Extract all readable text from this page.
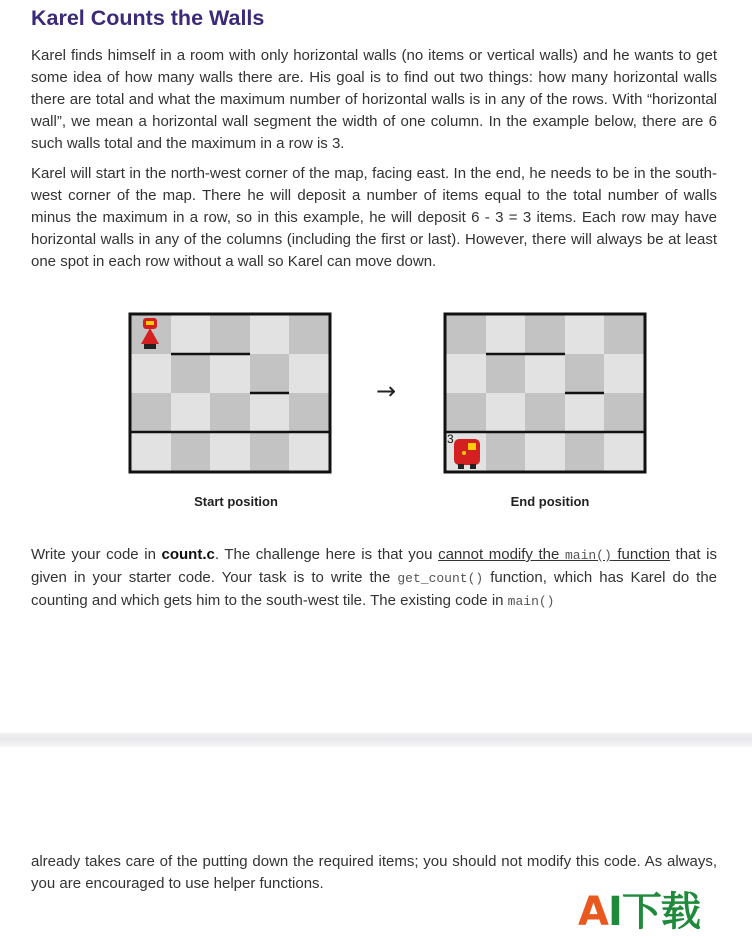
Karel Counts the Walls

Karel finds himself in a room with only horizontal walls (no items or vertical walls) and he wants to get some idea of how many walls there are. His goal is to find out two things: how many horizontal walls there are total and what the maximum number of horizontal walls is in any of the rows. With “horizontal wall”, we mean a horizontal wall segment the width of one column. In the example below, there are 6 such walls total and the maximum in a row is 3.

Karel will start in the north-west corner of the map, facing east. In the end, he needs to be in the south-west corner of the map. There he will deposit a number of items equal to the total number of walls minus the maximum in a row, so in this example, he will deposit 6 - 3 = 3 items. Each row may have horizontal walls in any of the columns (including the first or last). However, there will always be at least one spot in each row without a wall so Karel can move down.

→
3
Start position	End position

Write your code in count.c. The challenge here is that you cannot modify the main() function that is given in your starter code. Your task is to write the get_count() function, which has Karel do the counting and which gets him to the south-west tile. The existing code in main()

already takes care of the putting down the required items; you should not modify this code. As always, you are encouraged to use helper functions.

AI下载
